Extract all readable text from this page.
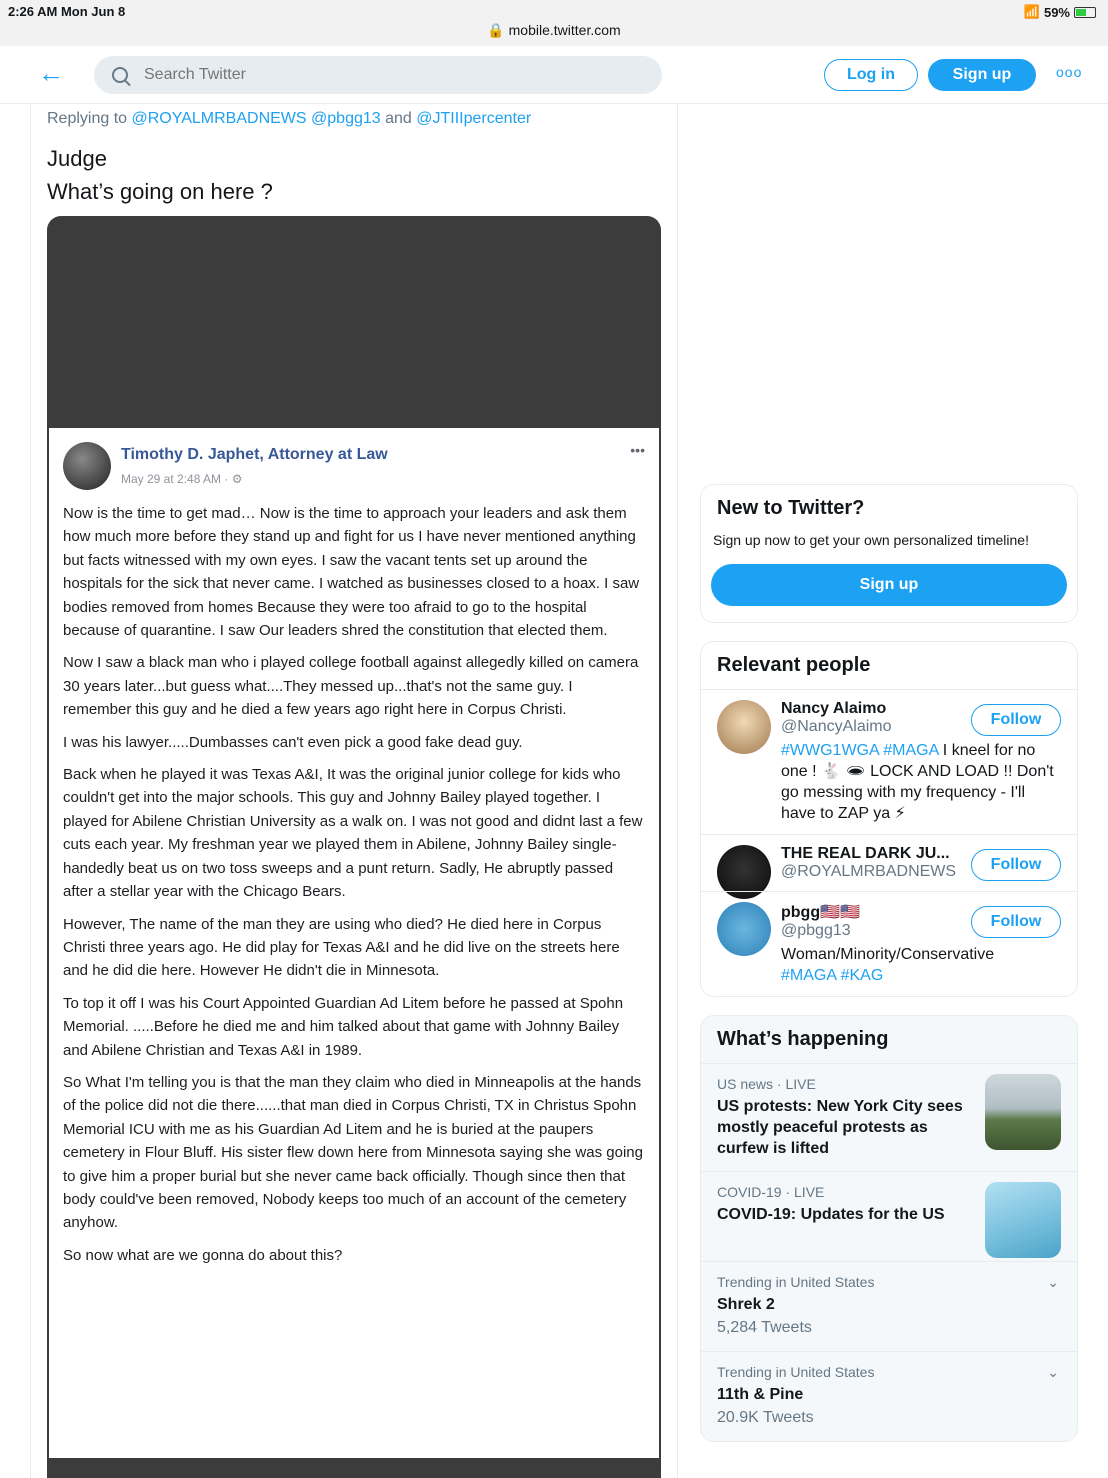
2:26 AM Mon Jun 8
🔒 mobile.twitter.com
📶 59%
←
Search Twitter	Log in	Sign up	ooo
Replying to @ROYALMRBADNEWS @pbgg13 and @JTIIIpercenter
Judge
What’s going on here ?
Timothy D. Japhet, Attorney at Law
May 29 at 2:48 AM · ⚙
•••

Now is the time to get mad… Now is the time to approach your leaders and ask them how much more before they stand up and fight for us I have never mentioned anything but facts witnessed with my own eyes. I saw the vacant tents set up around the hospitals for the sick that never came. I watched as businesses closed to a hoax. I saw bodies removed from homes Because they were too afraid to go to the hospital because of quarantine. I saw Our leaders shred the constitution that elected them.

Now I saw a black man who i played college football against allegedly killed on camera 30 years later...but guess what....They messed up...that's not the same guy. I remember this guy and he died a few years ago right here in Corpus Christi.

I was his lawyer.....Dumbasses can't even pick a good fake dead guy.

Back when he played it was Texas A&I, It was the original junior college for kids who couldn't get into the major schools. This guy and Johnny Bailey played together. I played for Abilene Christian University as a walk on. I was not good and didnt last a few cuts each year. My freshman year we played them in Abilene, Johnny Bailey single-handedly beat us on two toss sweeps and a punt return. Sadly, He abruptly passed after a stellar year with the Chicago Bears.

However, The name of the man they are using who died? He died here in Corpus Christi three years ago. He did play for Texas A&I and he did live on the streets here and he did die here. However He didn't die in Minnesota.

To top it off I was his Court Appointed Guardian Ad Litem before he passed at Spohn Memorial. .....Before he died me and him talked about that game with Johnny Bailey and Abilene Christian and Texas A&I in 1989.

So What I'm telling you is that the man they claim who died in Minneapolis at the hands of the police did not die there......that man died in Corpus Christi, TX in Christus Spohn Memorial ICU with me as his Guardian Ad Litem and he is buried at the paupers cemetery in Flour Bluff. His sister flew down here from Minnesota saying she was going to give him a proper burial but she never came back officially. Though since then that body could've been removed, Nobody keeps too much of an account of the cemetery anyhow.

So now what are we gonna do about this?

New to Twitter?
Sign up now to get your own personalized timeline!
Sign up
Relevant people
Nancy Alaimo
@NancyAlaimo
#WWG1WGA #MAGA I kneel for no one ! 🐇 🕳 LOCK AND LOAD !! Don't go messing with my frequency - I'll have to ZAP ya ⚡
Follow
THE REAL DARK JU...
@ROYALMRBADNEWS	Follow
pbgg🇺🇸🇺🇸
@pbgg13
Woman/Minority/Conservative
#MAGA #KAG
Follow
What’s happening
US news · LIVE
US protests: New York City sees mostly peaceful protests as curfew is lifted
COVID-19 · LIVE
COVID-19: Updates for the US
Trending in United States
Shrek 2
5,284 Tweets
⌄
Trending in United States
11th & Pine
20.9K Tweets
⌄
